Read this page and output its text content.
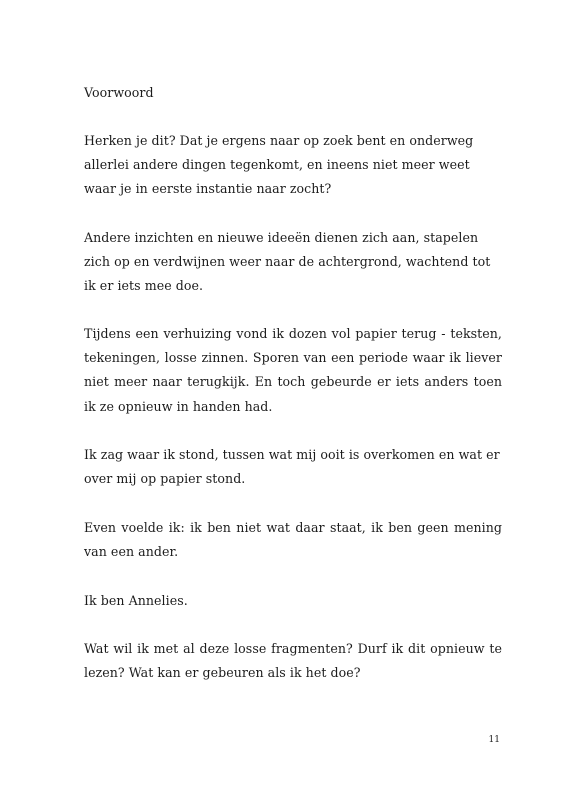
Voorwoord

Herken je dit? Dat je ergens naar op zoek bent en onderweg allerlei andere dingen tegenkomt, en ineens niet meer weet waar je in eerste instantie naar zocht?

Andere inzichten en nieuwe ideeën dienen zich aan, stapelen zich op en verdwijnen weer naar de achtergrond, wachtend tot ik er iets mee doe.

Tijdens een verhuizing vond ik dozen vol papier terug - teksten, tekeningen, losse zinnen. Sporen van een periode waar ik liever niet meer naar terugkijk. En toch gebeurde er iets anders toen ik ze opnieuw in handen had.

Ik zag waar ik stond, tussen wat mij ooit is overkomen en wat er over mij op papier stond.

Even voelde ik: ik ben niet wat daar staat, ik ben geen mening van een ander.

Ik ben Annelies.

Wat wil ik met al deze losse fragmenten? Durf ik dit opnieuw te lezen? Wat kan er gebeuren als ik het doe?

11
